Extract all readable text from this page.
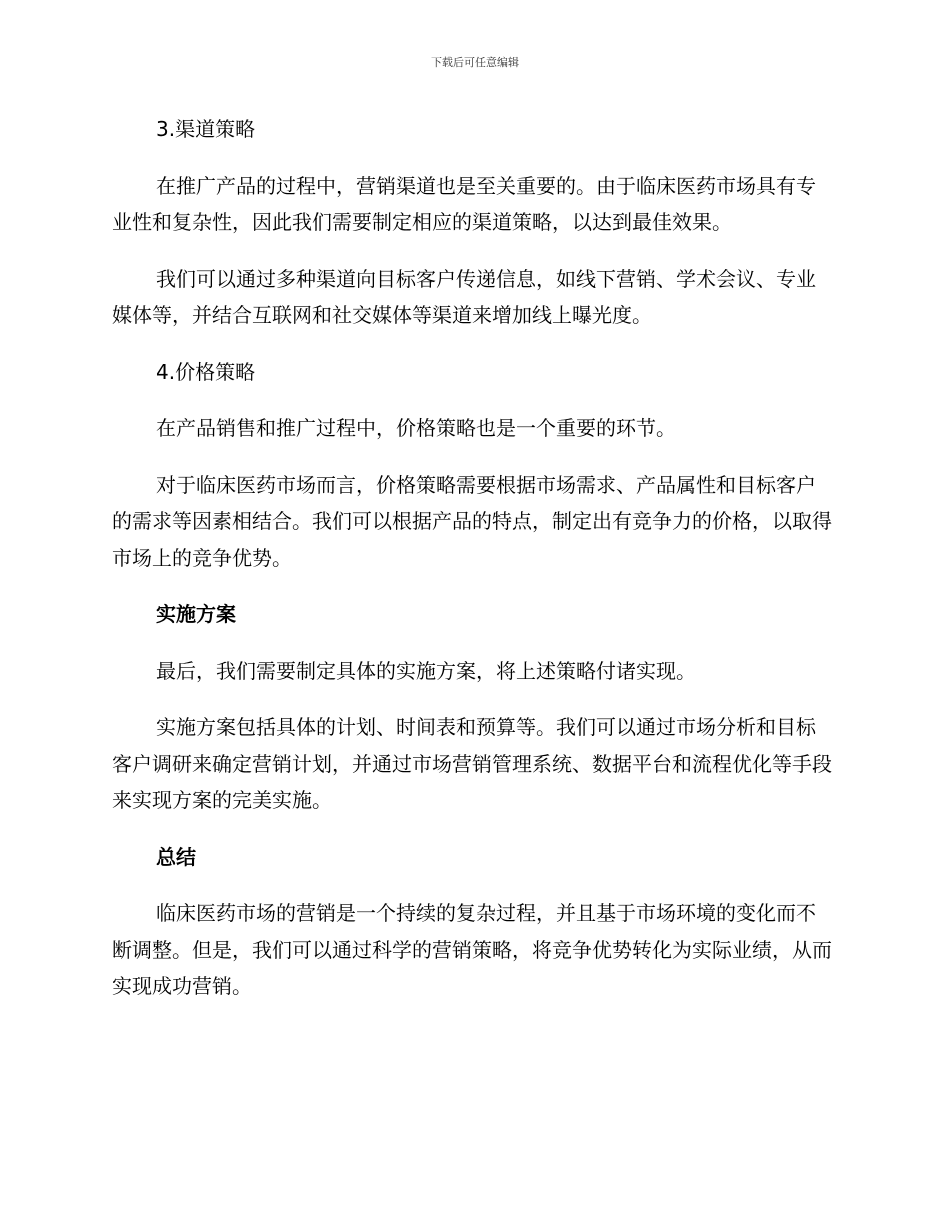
下载后可任意编辑
3.渠道策略

在推广产品的过程中，营销渠道也是至关重要的。由于临床医药市场具有专业性和复杂性，因此我们需要制定相应的渠道策略，以达到最佳效果。

我们可以通过多种渠道向目标客户传递信息，如线下营销、学术会议、专业媒体等，并结合互联网和社交媒体等渠道来增加线上曝光度。

4.价格策略

在产品销售和推广过程中，价格策略也是一个重要的环节。

对于临床医药市场而言，价格策略需要根据市场需求、产品属性和目标客户的需求等因素相结合。我们可以根据产品的特点，制定出有竞争力的价格，以取得市场上的竞争优势。

实施方案

最后，我们需要制定具体的实施方案，将上述策略付诸实现。

实施方案包括具体的计划、时间表和预算等。我们可以通过市场分析和目标客户调研来确定营销计划，并通过市场营销管理系统、数据平台和流程优化等手段来实现方案的完美实施。

总结

临床医药市场的营销是一个持续的复杂过程，并且基于市场环境的变化而不断调整。但是，我们可以通过科学的营销策略，将竞争优势转化为实际业绩，从而实现成功营销。
